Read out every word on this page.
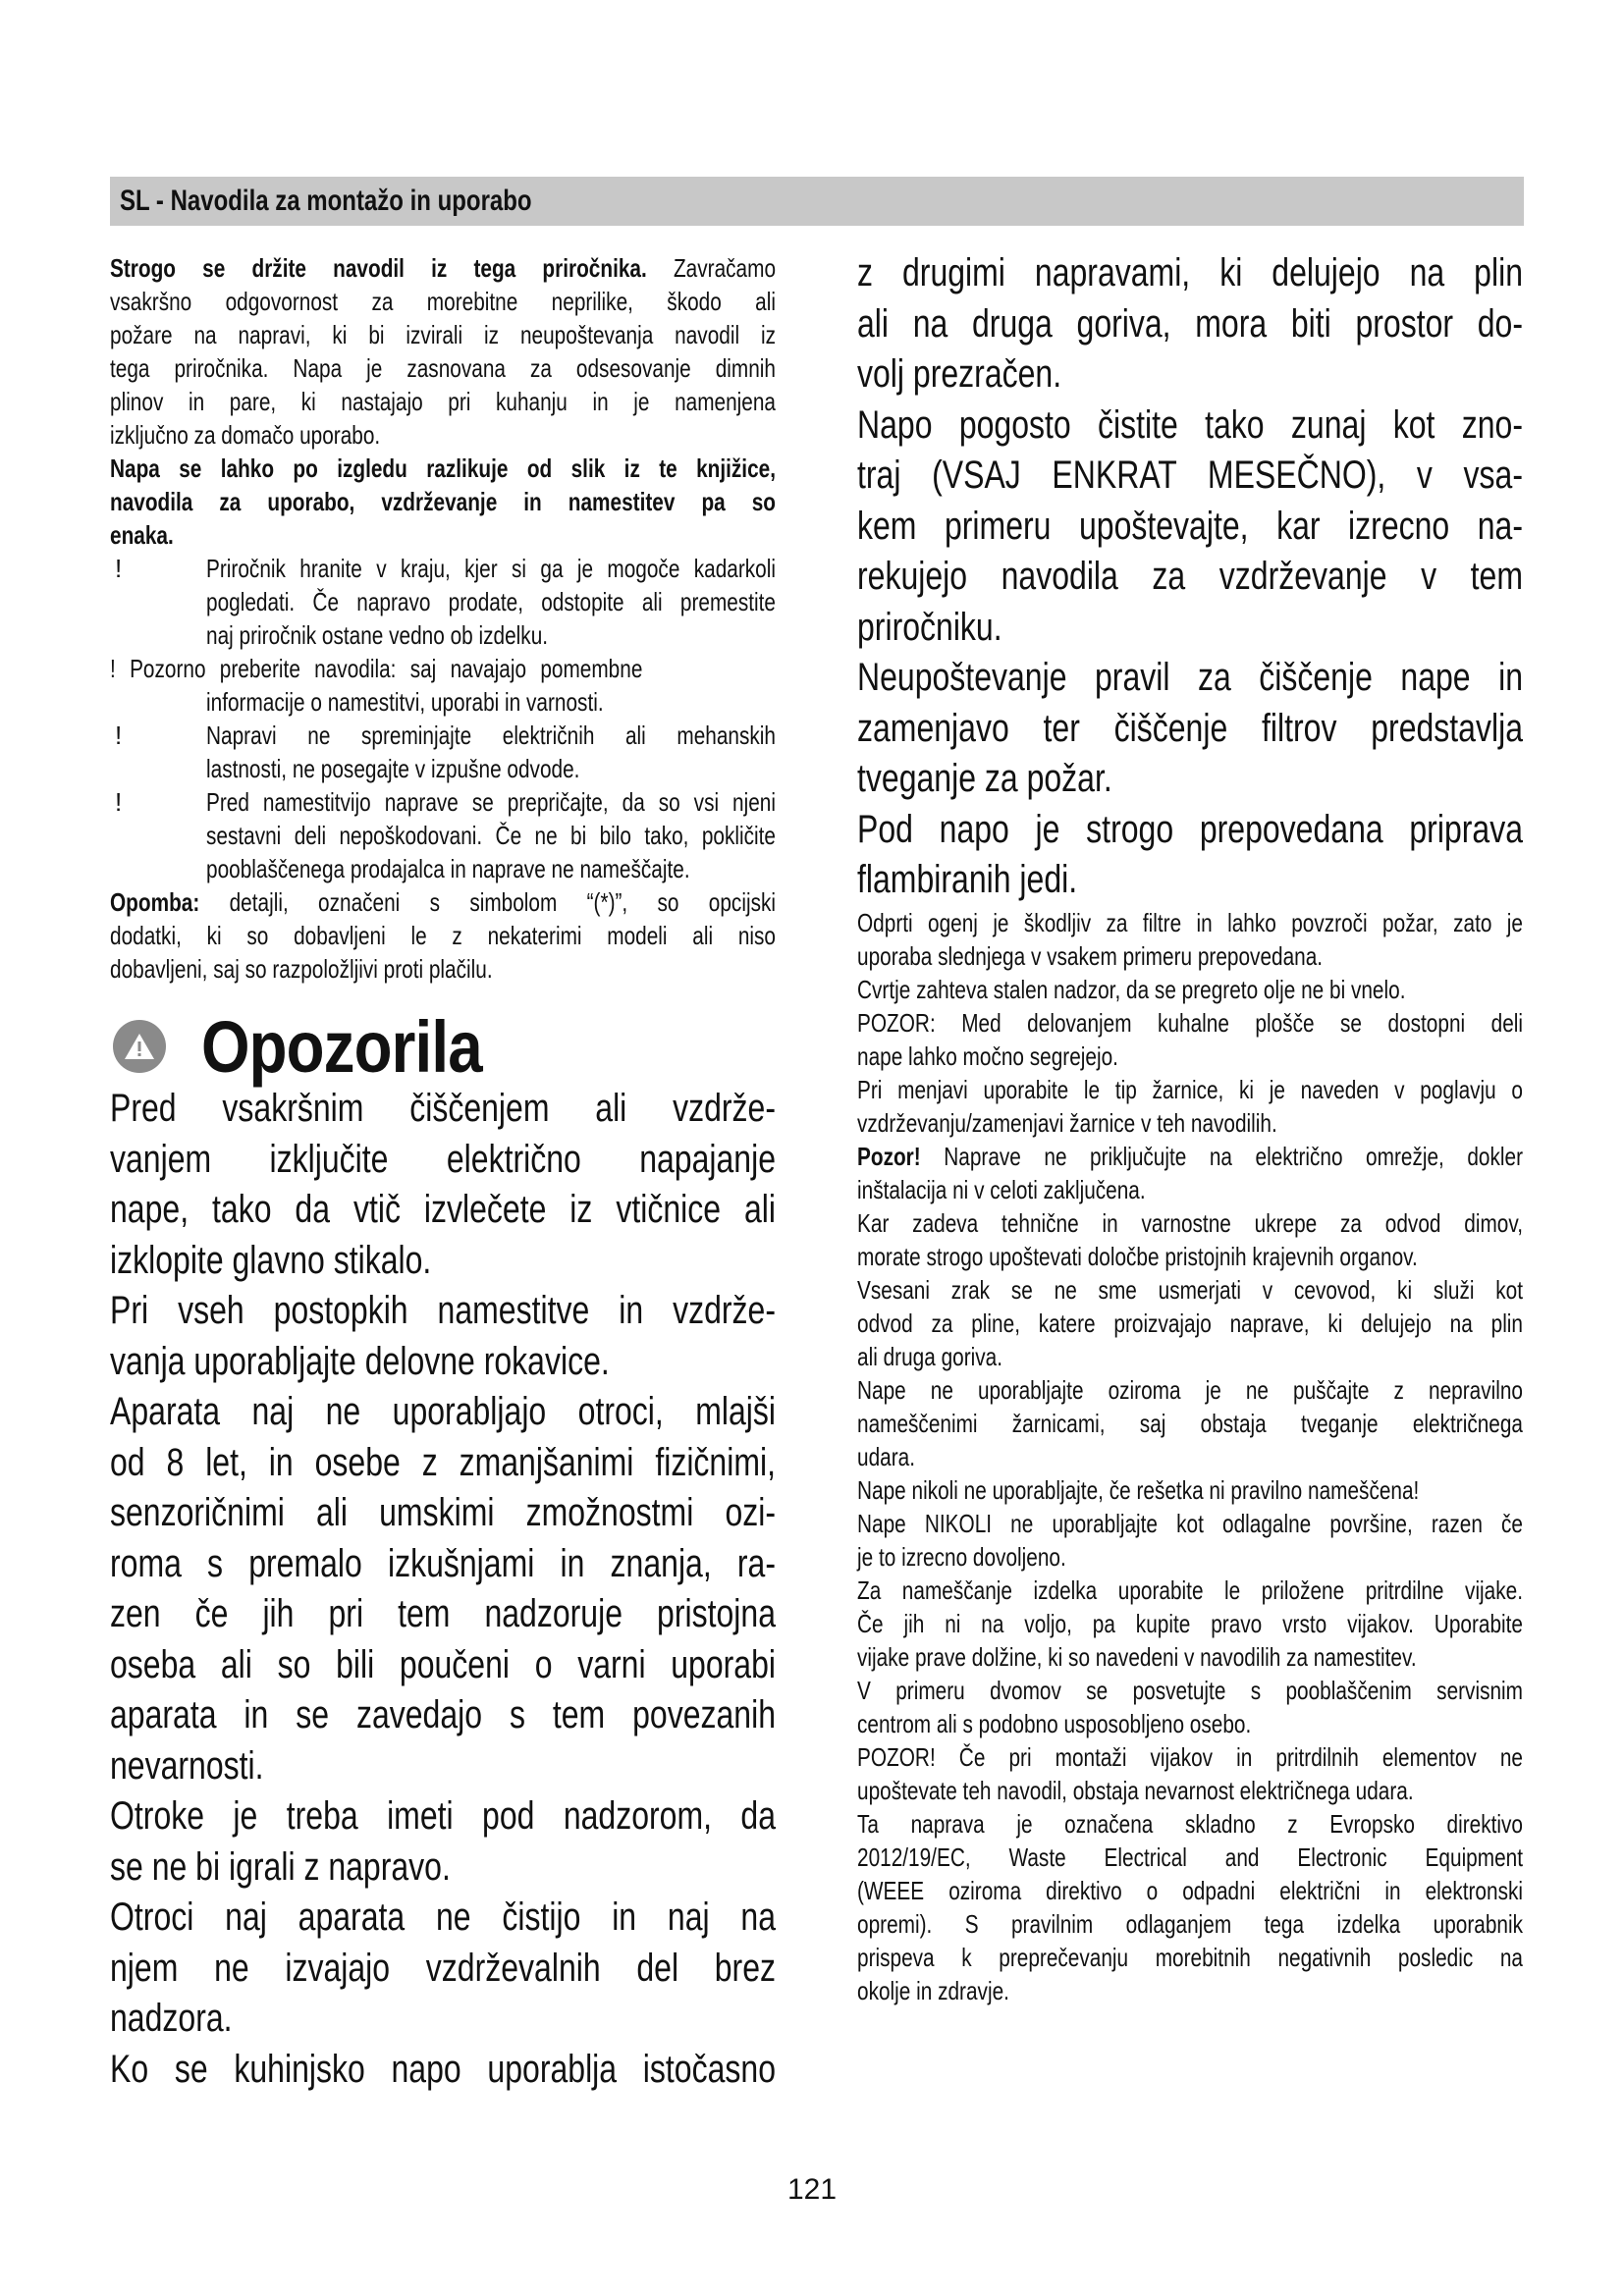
SL - Navodila za montažo in uporabo
Strogo se držite navodil iz tega priročnika. Zavračamo
vsakršno odgovornost za morebitne neprilike, škodo ali
požare na napravi, ki bi izvirali iz neupoštevanja navodil iz
tega priročnika. Napa je zasnovana za odsesovanje dimnih
plinov in pare, ki nastajajo pri kuhanju in je namenjena
izključno za domačo uporabo.
Napa se lahko po izgledu razlikuje od slik iz te knjižice,
navodila za uporabo, vzdrževanje in namestitev pa so
enaka.
!	Priročnik hranite v kraju, kjer si ga je mogoče kadarkoli
pogledati. Če napravo prodate, odstopite ali premestite
naj priročnik ostane vedno ob izdelku.
! Pozorno preberite navodila: saj navajajo pomembne
informacije o namestitvi, uporabi in varnosti.
!	Napravi ne spreminjajte električnih ali mehanskih
lastnosti, ne posegajte v izpušne odvode.
!	Pred namestitvijo naprave se prepričajte, da so vsi njeni
sestavni deli nepoškodovani. Če ne bi bilo tako, pokličite
pooblaščenega prodajalca in naprave ne nameščajte.
Opomba: detajli, označeni s simbolom “(*)”, so opcijski
dodatki, ki so dobavljeni le z nekaterimi modeli ali niso
dobavljeni, saj so razpoložljivi proti plačilu.
Opozorila
Pred vsakršnim čiščenjem ali vzdrže-
vanjem izključite električno napajanje
nape, tako da vtič izvlečete iz vtičnice ali
izklopite glavno stikalo.
Pri vseh postopkih namestitve in vzdrže-
vanja uporabljajte delovne rokavice.
Aparata naj ne uporabljajo otroci, mlajši
od 8 let, in osebe z zmanjšanimi fizičnimi,
senzoričnimi ali umskimi zmožnostmi ozi-
roma s premalo izkušnjami in znanja, ra-
zen če jih pri tem nadzoruje pristojna
oseba ali so bili poučeni o varni uporabi
aparata in se zavedajo s tem povezanih
nevarnosti.
Otroke je treba imeti pod nadzorom, da
se ne bi igrali z napravo.
Otroci naj aparata ne čistijo in naj na
njem ne izvajajo vzdrževalnih del brez
nadzora.
Ko se kuhinjsko napo uporablja istočasno
z drugimi napravami, ki delujejo na plin
ali na druga goriva, mora biti prostor do-
volj prezračen.
Napo pogosto čistite tako zunaj kot zno-
traj (VSAJ ENKRAT MESEČNO), v vsa-
kem primeru upoštevajte, kar izrecno na-
rekujejo navodila za vzdrževanje v tem
priročniku.
Neupoštevanje pravil za čiščenje nape in
zamenjavo ter čiščenje filtrov predstavlja
tveganje za požar.
Pod napo je strogo prepovedana priprava
flambiranih jedi.
Odprti ogenj je škodljiv za filtre in lahko povzroči požar, zato je
uporaba slednjega v vsakem primeru prepovedana.
Cvrtje zahteva stalen nadzor, da se pregreto olje ne bi vnelo.
POZOR: Med delovanjem kuhalne plošče se dostopni deli
nape lahko močno segrejejo.
Pri menjavi uporabite le tip žarnice, ki je naveden v poglavju o
vzdrževanju/zamenjavi žarnice v teh navodilih.
Pozor! Naprave ne priključujte na električno omrežje, dokler
inštalacija ni v celoti zaključena.
Kar zadeva tehnične in varnostne ukrepe za odvod dimov,
morate strogo upoštevati določbe pristojnih krajevnih organov.
Vsesani zrak se ne sme usmerjati v cevovod, ki služi kot
odvod za pline, katere proizvajajo naprave, ki delujejo na plin
ali druga goriva.
Nape ne uporabljajte oziroma je ne puščajte z nepravilno
nameščenimi žarnicami, saj obstaja tveganje električnega
udara.
Nape nikoli ne uporabljajte, če rešetka ni pravilno nameščena!
Nape NIKOLI ne uporabljajte kot odlagalne površine, razen če
je to izrecno dovoljeno.
Za nameščanje izdelka uporabite le priložene pritrdilne vijake.
Če jih ni na voljo, pa kupite pravo vrsto vijakov. Uporabite
vijake prave dolžine, ki so navedeni v navodilih za namestitev.
V primeru dvomov se posvetujte s pooblaščenim servisnim
centrom ali s podobno usposobljeno osebo.
POZOR! Če pri montaži vijakov in pritrdilnih elementov ne
upoštevate teh navodil, obstaja nevarnost električnega udara.
Ta naprava je označena skladno z Evropsko direktivo
2012/19/EC, Waste Electrical and Electronic Equipment
(WEEE oziroma direktivo o odpadni električni in elektronski
opremi). S pravilnim odlaganjem tega izdelka uporabnik
prispeva k preprečevanju morebitnih negativnih posledic na
okolje in zdravje.
121
